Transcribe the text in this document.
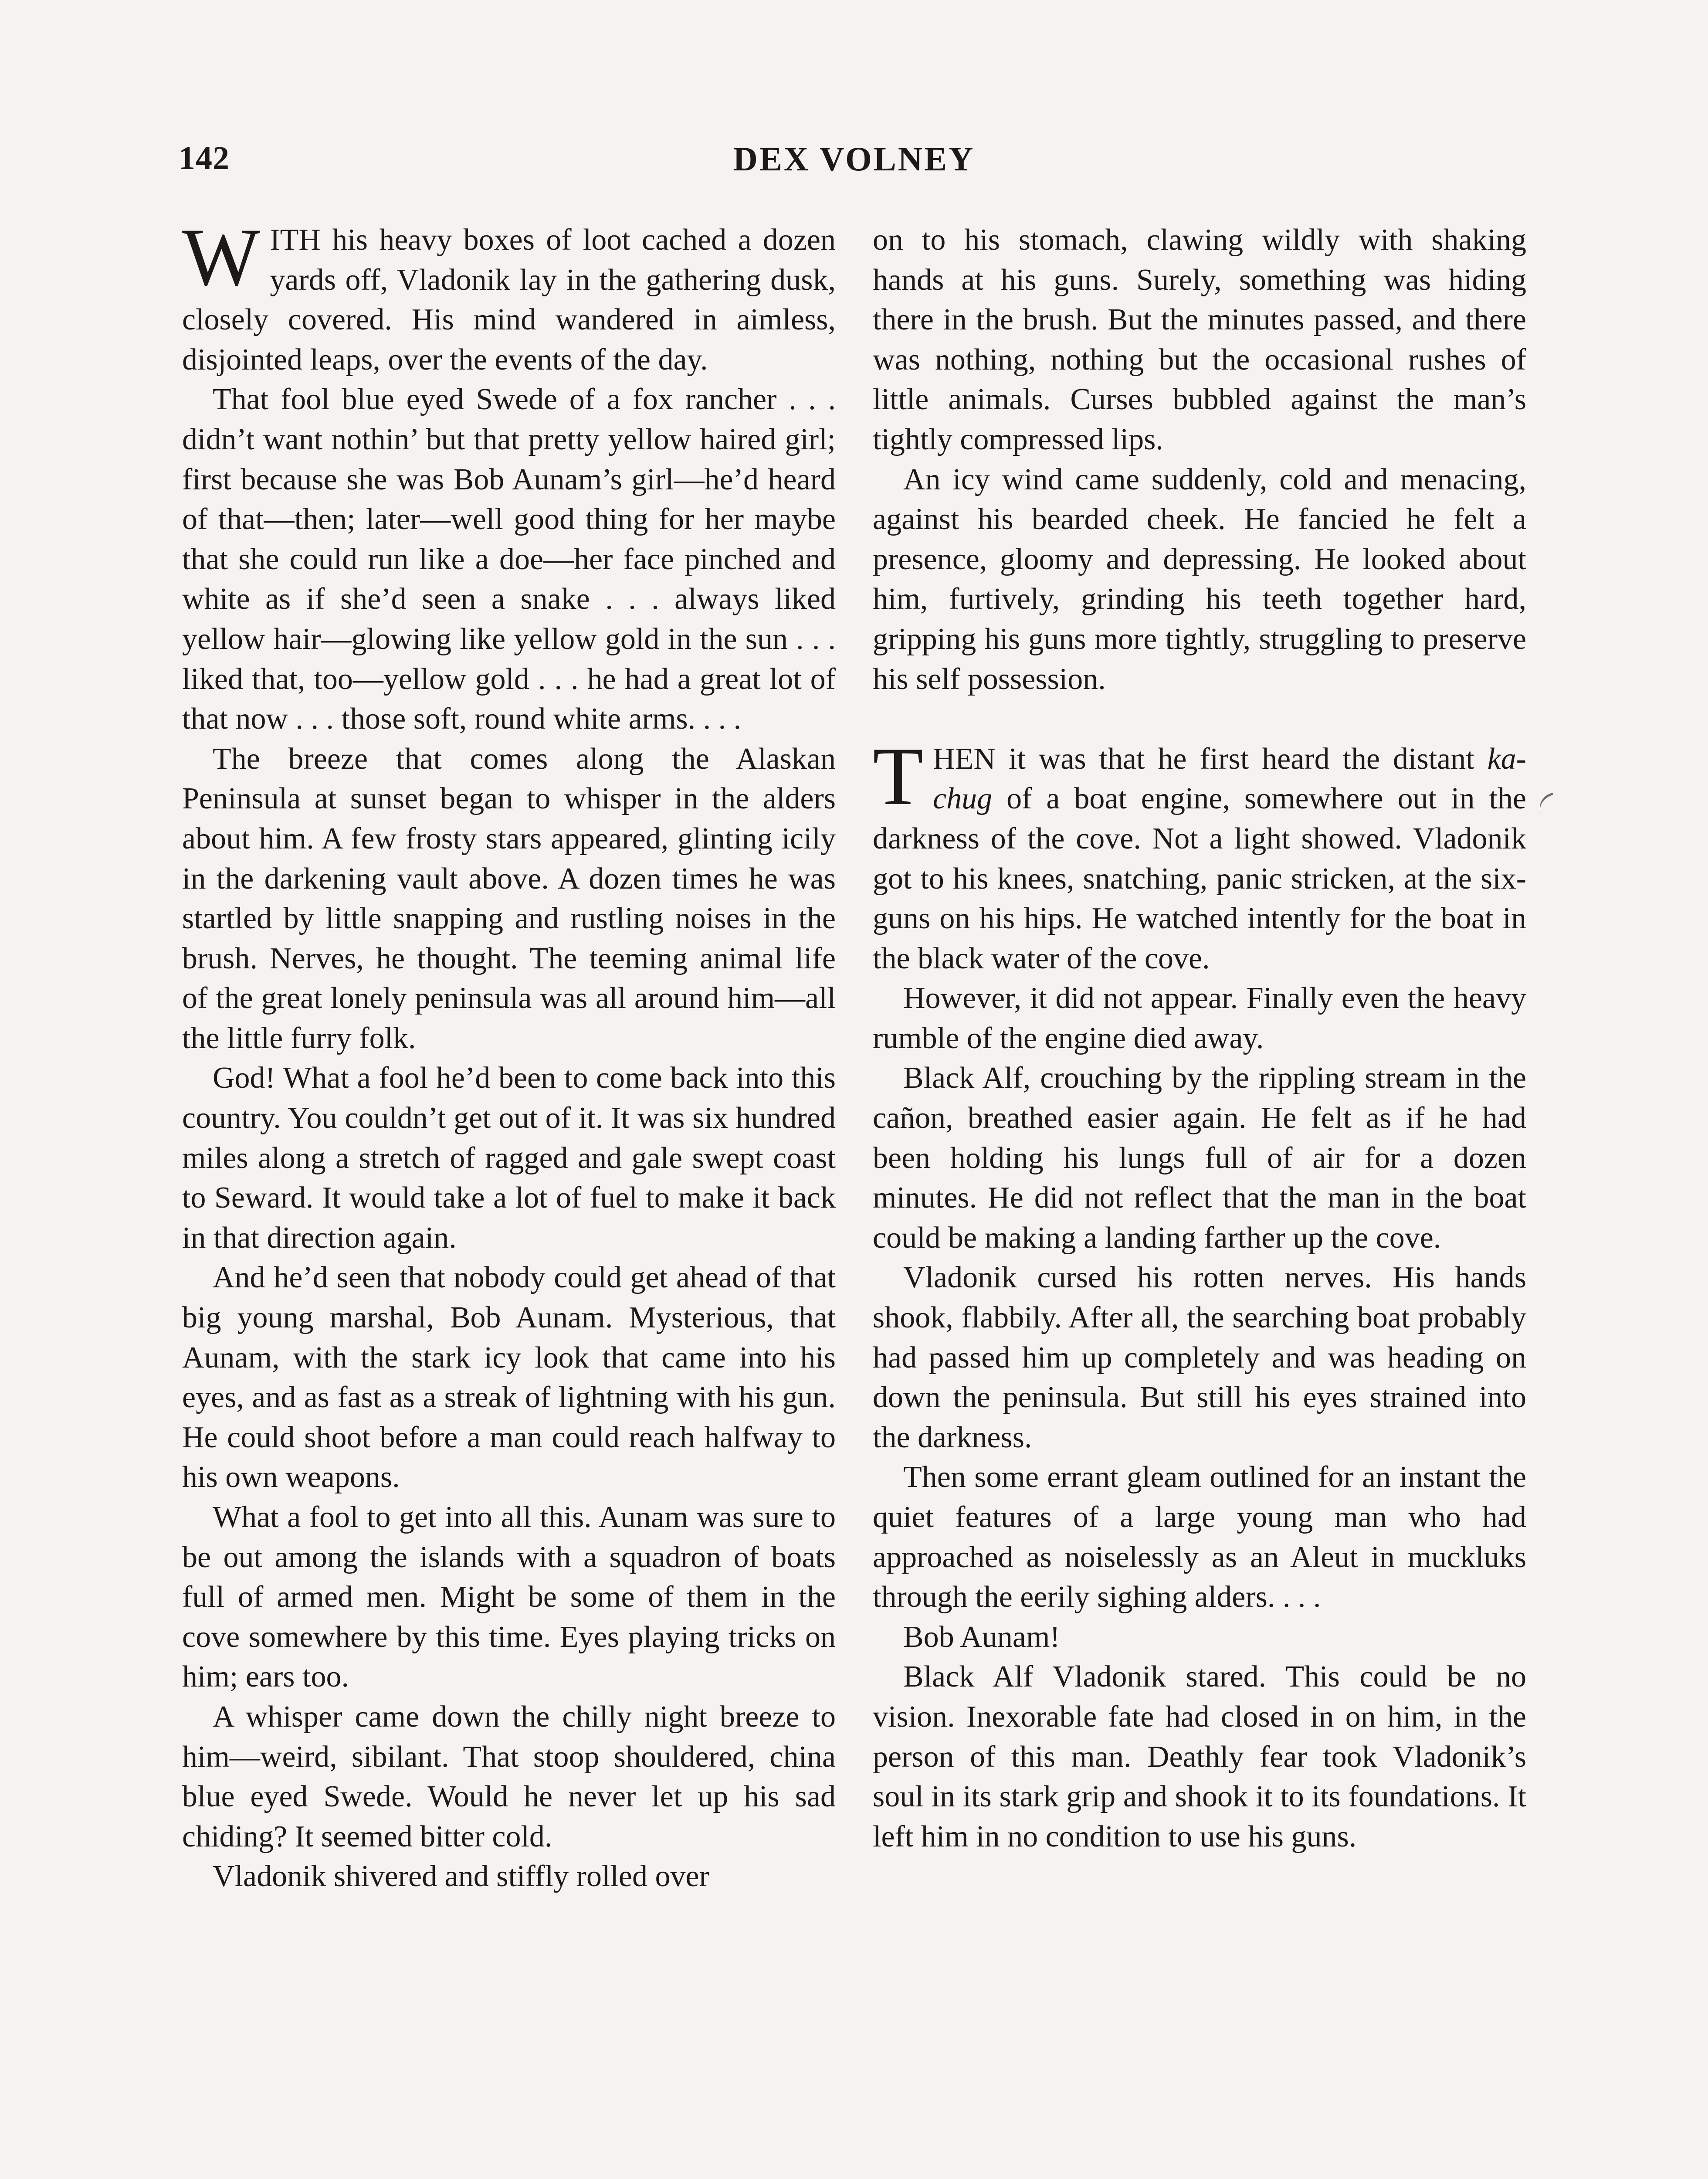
142	DEX VOLNEY

WITH his heavy boxes of loot cached a dozen yards off, Vladonik lay in the gathering dusk, closely covered. His mind wandered in aimless, disjointed leaps, over the events of the day.

That fool blue eyed Swede of a fox rancher . . . didn’t want nothin’ but that pretty yellow haired girl; first because she was Bob Aunam’s girl—he’d heard of that—then; later—well good thing for her maybe that she could run like a doe—her face pinched and white as if she’d seen a snake . . . always liked yellow hair—glowing like yellow gold in the sun . . . liked that, too—yellow gold . . . he had a great lot of that now . . . those soft, round white arms. . . .

The breeze that comes along the Alaskan Peninsula at sunset began to whisper in the alders about him. A few frosty stars appeared, glinting icily in the darkening vault above. A dozen times he was startled by little snapping and rustling noises in the brush. Nerves, he thought. The teeming animal life of the great lonely peninsula was all around him—all the little furry folk.

God! What a fool he’d been to come back into this country. You couldn’t get out of it. It was six hundred miles along a stretch of ragged and gale swept coast to Seward. It would take a lot of fuel to make it back in that direction again.

And he’d seen that nobody could get ahead of that big young marshal, Bob Aunam. Mysterious, that Aunam, with the stark icy look that came into his eyes, and as fast as a streak of lightning with his gun. He could shoot before a man could reach halfway to his own weapons.

What a fool to get into all this. Aunam was sure to be out among the islands with a squadron of boats full of armed men. Might be some of them in the cove somewhere by this time. Eyes playing tricks on him; ears too.

A whisper came down the chilly night breeze to him—weird, sibilant. That stoop shouldered, china blue eyed Swede. Would he never let up his sad chiding? It seemed bitter cold.

Vladonik shivered and stiffly rolled over

on to his stomach, clawing wildly with shaking hands at his guns. Surely, something was hiding there in the brush. But the minutes passed, and there was nothing, nothing but the occasional rushes of little animals. Curses bubbled against the man’s tightly compressed lips.

An icy wind came suddenly, cold and menacing, against his bearded cheek. He fancied he felt a presence, gloomy and depressing. He looked about him, furtively, grinding his teeth together hard, gripping his guns more tightly, struggling to preserve his self possession.

THEN it was that he first heard the distant ka-chug of a boat engine, somewhere out in the darkness of the cove. Not a light showed. Vladonik got to his knees, snatching, panic stricken, at the six-guns on his hips. He watched intently for the boat in the black water of the cove.

However, it did not appear. Finally even the heavy rumble of the engine died away.

Black Alf, crouching by the rippling stream in the cañon, breathed easier again. He felt as if he had been holding his lungs full of air for a dozen minutes. He did not reflect that the man in the boat could be making a landing farther up the cove.

Vladonik cursed his rotten nerves. His hands shook, flabbily. After all, the searching boat probably had passed him up completely and was heading on down the peninsula. But still his eyes strained into the darkness.

Then some errant gleam outlined for an instant the quiet features of a large young man who had approached as noiselessly as an Aleut in muckluks through the eerily sighing alders. . . .

Bob Aunam!

Black Alf Vladonik stared. This could be no vision. Inexorable fate had closed in on him, in the person of this man. Deathly fear took Vladonik’s soul in its stark grip and shook it to its foundations. It left him in no condition to use his guns.
